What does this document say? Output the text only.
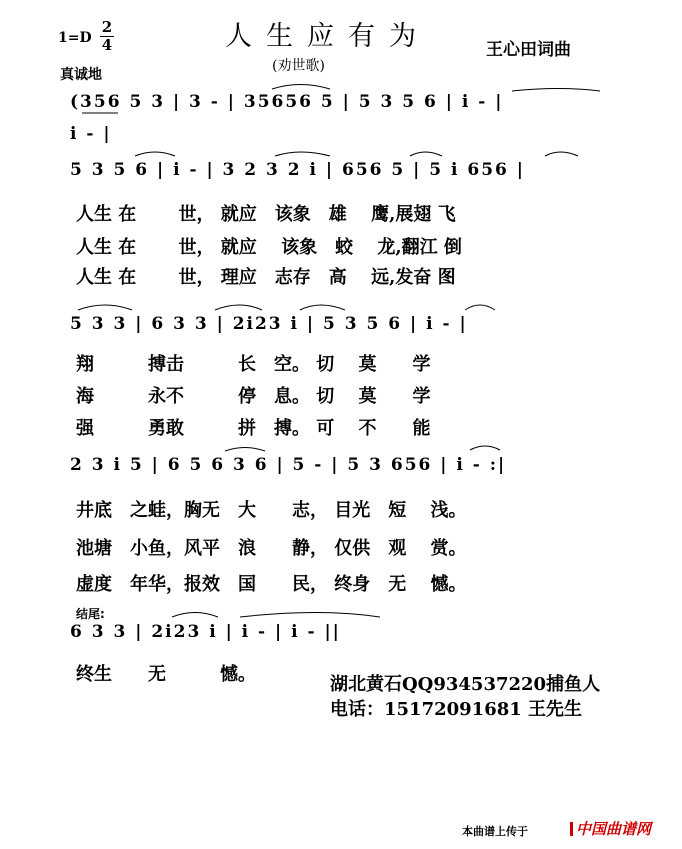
1=D
2
4
真诚地
人生应有为
(劝世歌)
王心田词曲
(356 5 3 | 3 - | 35656 5 | 5 3 5 6 | i - |
i - |
5 3 5 6 | i - | 3 2 3 2 i | 656 5 | 5 i 656 |
5 3 3 | 6 3 3 | 2i23 i | 5 3 5 6 | i - |
2 3 i 5 | 6 5 6 3 6 | 5 - | 5 3 656 | i - :|
结尾:
6 3 3 | 2i23 i | i - | i - ||
人生 在　 　世， 就应　该象　雄　 鹰,展翅 飞
人生 在　 　世， 就应　 该象　蛟　 龙,翻江 倒
人生 在　 　世， 理应　志存　高　 远,发奋 图
翔　　　搏击　　　长　空。 切　 莫　　学
海　　　永不　　　停　息。 切　 莫　　学
强　　　勇敢　　　拼　搏。 可　 不　　能
井底　之蛙，胸无　大　　志， 目光　短　 浅。
池塘　小鱼，风平　浪　　静， 仅供　观　 赏。
虚度　年华，报效　国　　民， 终身　无　 憾。
终生　　无　　　憾。	湖北黄石QQ934537220捕鱼人
电话：15172091681 王先生
本曲谱上传于	中国曲谱网
